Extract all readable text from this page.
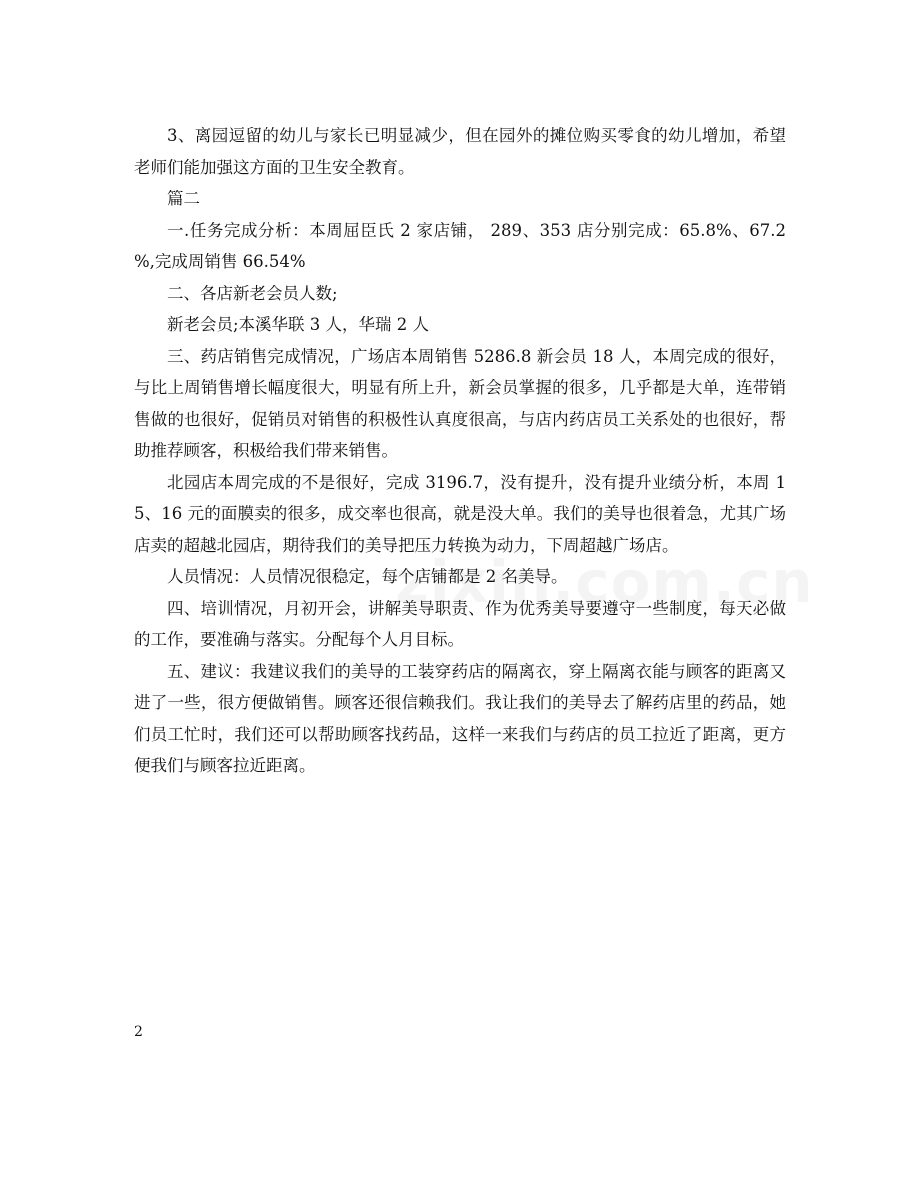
3、离园逗留的幼儿与家长已明显减少，但在园外的摊位购买零食的幼儿增加，希望老师们能加强这方面的卫生安全教育。

篇二

一.任务完成分析：本周屈臣氏 2 家店铺， 289、353 店分别完成：65.8%、67.2 %,完成周销售 66.54%

二、各店新老会员人数;

新老会员;本溪华联 3 人，华瑞 2 人

三、药店销售完成情况，广场店本周销售 5286.8 新会员 18 人，本周完成的很好，与比上周销售增长幅度很大，明显有所上升，新会员掌握的很多，几乎都是大单，连带销售做的也很好，促销员对销售的积极性认真度很高，与店内药店员工关系处的也很好，帮助推荐顾客，积极给我们带来销售。

北园店本周完成的不是很好，完成 3196.7，没有提升，没有提升业绩分析，本周 15、16 元的面膜卖的很多，成交率也很高，就是没大单。我们的美导也很着急，尤其广场店卖的超越北园店，期待我们的美导把压力转换为动力，下周超越广场店。

人员情况：人员情况很稳定，每个店铺都是 2 名美导。

四、培训情况，月初开会，讲解美导职责、作为优秀美导要遵守一些制度，每天必做的工作，要准确与落实。分配每个人月目标。

五、建议：我建议我们的美导的工装穿药店的隔离衣，穿上隔离衣能与顾客的距离又进了一些，很方便做销售。顾客还很信赖我们。我让我们的美导去了解药店里的药品，她们员工忙时，我们还可以帮助顾客找药品，这样一来我们与药店的员工拉近了距离，更方便我们与顾客拉近距离。

2
